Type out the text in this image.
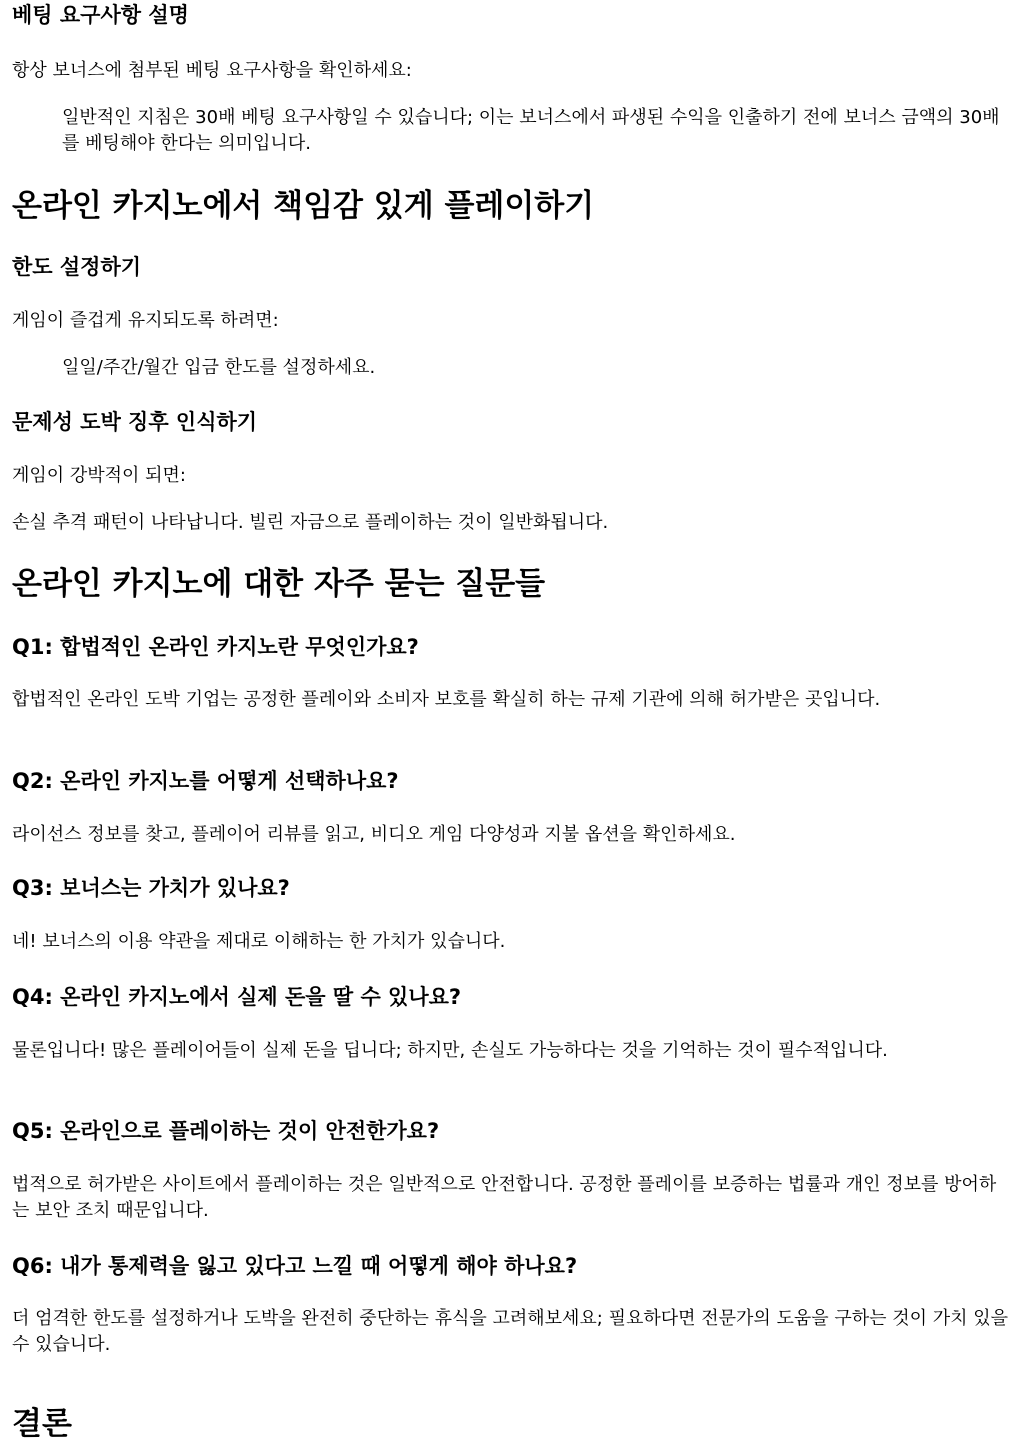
베팅 요구사항 설명

항상 보너스에 첨부된 베팅 요구사항을 확인하세요:

일반적인 지침은 30배 베팅 요구사항일 수 있습니다; 이는 보너스에서 파생된 수익을 인출하기 전에 보너스 금액의 30배를 베팅해야 한다는 의미입니다.

온라인 카지노에서 책임감 있게 플레이하기
한도 설정하기

게임이 즐겁게 유지되도록 하려면:

일일/주간/월간 입금 한도를 설정하세요.

문제성 도박 징후 인식하기

게임이 강박적이 되면:

손실 추격 패턴이 나타납니다. 빌린 자금으로 플레이하는 것이 일반화됩니다.

온라인 카지노에 대한 자주 묻는 질문들
Q1: 합법적인 온라인 카지노란 무엇인가요?

합법적인 온라인 도박 기업는 공정한 플레이와 소비자 보호를 확실히 하는 규제 기관에 의해 허가받은 곳입니다.

Q2: 온라인 카지노를 어떻게 선택하나요?

라이선스 정보를 찾고, 플레이어 리뷰를 읽고, 비디오 게임 다양성과 지불 옵션을 확인하세요.

Q3: 보너스는 가치가 있나요?

네! 보너스의 이용 약관을 제대로 이해하는 한 가치가 있습니다.

Q4: 온라인 카지노에서 실제 돈을 딸 수 있나요?

물론입니다! 많은 플레이어들이 실제 돈을 딥니다; 하지만, 손실도 가능하다는 것을 기억하는 것이 필수적입니다.

Q5: 온라인으로 플레이하는 것이 안전한가요?

법적으로 허가받은 사이트에서 플레이하는 것은 일반적으로 안전합니다. 공정한 플레이를 보증하는 법률과 개인 정보를 방어하는 보안 조치 때문입니다.

Q6: 내가 통제력을 잃고 있다고 느낄 때 어떻게 해야 하나요?

더 엄격한 한도를 설정하거나 도박을 완전히 중단하는 휴식을 고려해보세요; 필요하다면 전문가의 도움을 구하는 것이 가치 있을 수 있습니다.

결론
